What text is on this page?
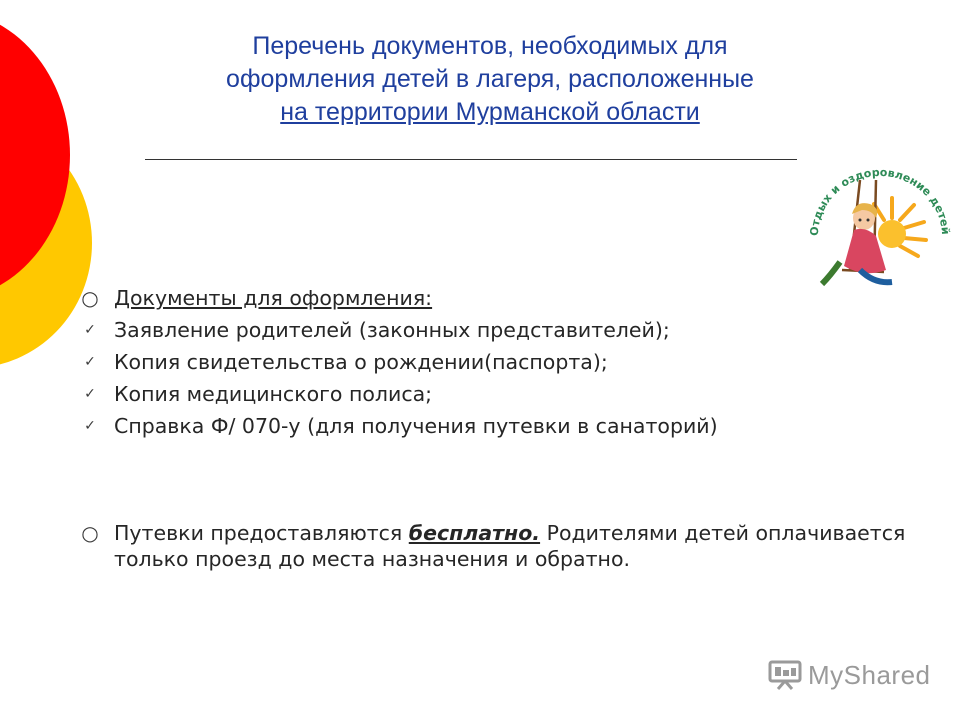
Перечень документов, необходимых для
оформления детей в лагеря, расположенные
на территории Мурманской области
Отдых и оздоровление детей
○ Документы для оформления:
✓ Заявление родителей (законных представителей);
✓ Копия свидетельства о рождении(паспорта);
✓ Копия медицинского полиса;
✓ Справка Ф/ 070-у (для получения путевки в санаторий)
○ Путевки предоставляются бесплатно. Родителями детей оплачивается только проезд до места назначения и обратно.
MyShared
